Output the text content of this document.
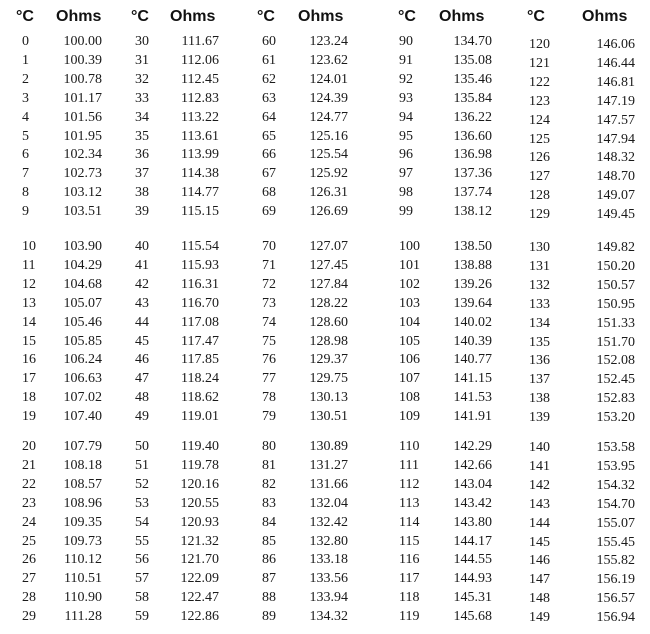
°C Ohms
0	100.00
1	100.39
2	100.78
3	101.17
4	101.56
5	101.95
6	102.34
7	102.73
8	103.12
9	103.51
10	103.90
11	104.29
12	104.68
13	105.07
14	105.46
15	105.85
16	106.24
17	106.63
18	107.02
19	107.40
20	107.79
21	108.18
22	108.57
23	108.96
24	109.35
25	109.73
26	110.12
27	110.51
28	110.90
29	111.28
°C Ohms
30	111.67
31	112.06
32	112.45
33	112.83
34	113.22
35	113.61
36	113.99
37	114.38
38	114.77
39	115.15
40	115.54
41	115.93
42	116.31
43	116.70
44	117.08
45	117.47
46	117.85
47	118.24
48	118.62
49	119.01
50	119.40
51	119.78
52	120.16
53	120.55
54	120.93
55	121.32
56	121.70
57	122.09
58	122.47
59	122.86
°C Ohms
60	123.24
61	123.62
62	124.01
63	124.39
64	124.77
65	125.16
66	125.54
67	125.92
68	126.31
69	126.69
70	127.07
71	127.45
72	127.84
73	128.22
74	128.60
75	128.98
76	129.37
77	129.75
78	130.13
79	130.51
80	130.89
81	131.27
82	131.66
83	132.04
84	132.42
85	132.80
86	133.18
87	133.56
88	133.94
89	134.32
°C Ohms
90	134.70
91	135.08
92	135.46
93	135.84
94	136.22
95	136.60
96	136.98
97	137.36
98	137.74
99	138.12
100	138.50
101	138.88
102	139.26
103	139.64
104	140.02
105	140.39
106	140.77
107	141.15
108	141.53
109	141.91
110	142.29
111	142.66
112	143.04
113	143.42
114	143.80
115	144.17
116	144.55
117	144.93
118	145.31
119	145.68
°C Ohms
120	146.06
121	146.44
122	146.81
123	147.19
124	147.57
125	147.94
126	148.32
127	148.70
128	149.07
129	149.45
130	149.82
131	150.20
132	150.57
133	150.95
134	151.33
135	151.70
136	152.08
137	152.45
138	152.83
139	153.20
140	153.58
141	153.95
142	154.32
143	154.70
144	155.07
145	155.45
146	155.82
147	156.19
148	156.57
149	156.94
